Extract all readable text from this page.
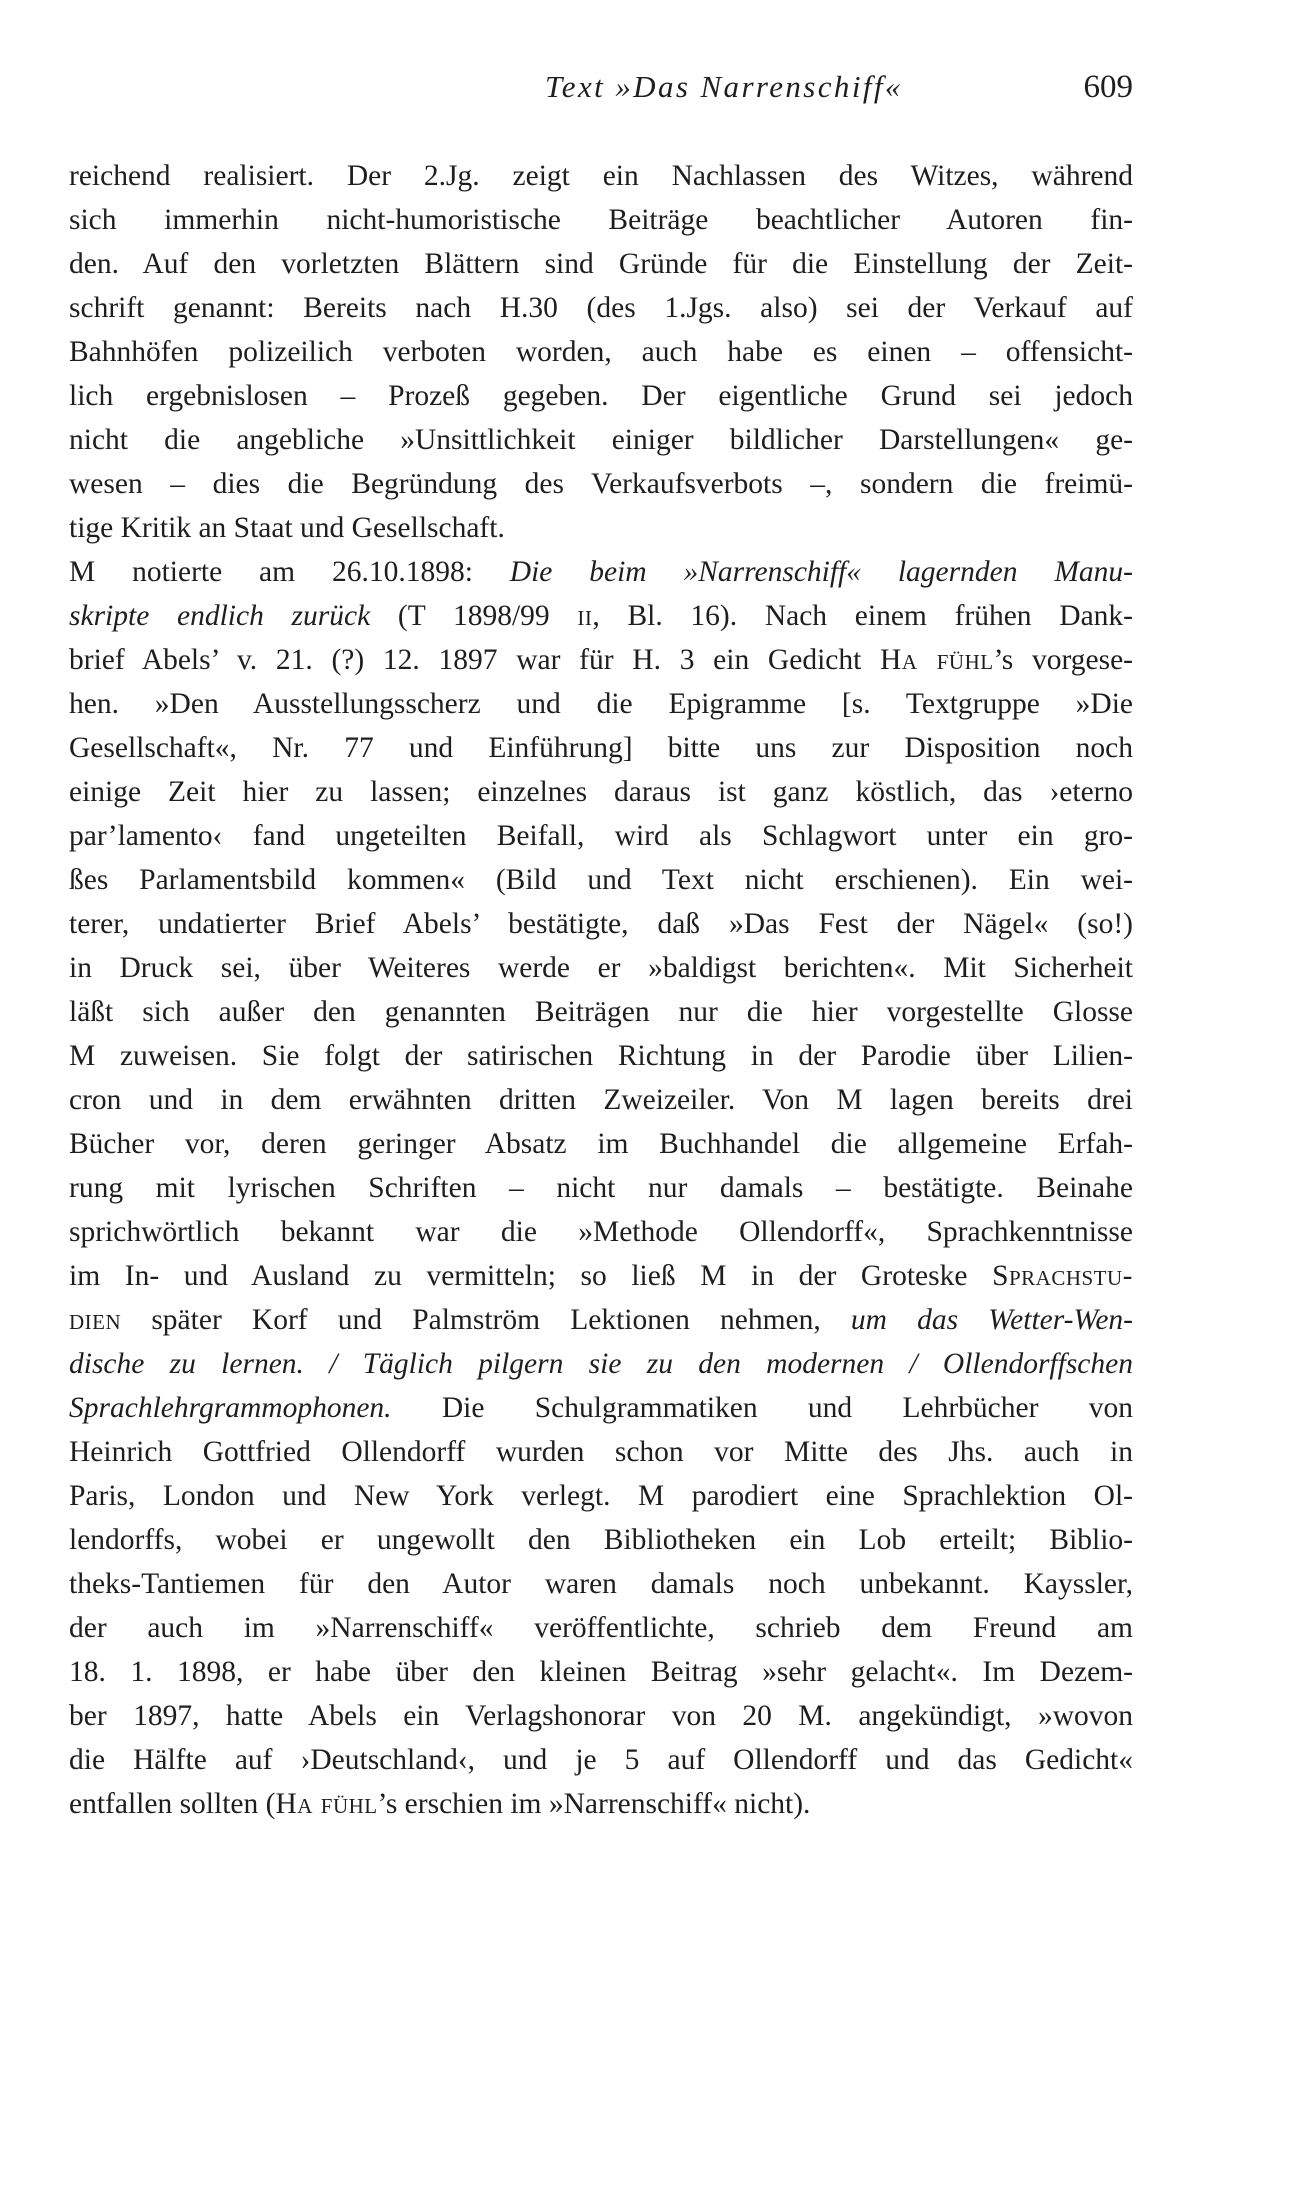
Text »Das Narrenschiff«	609
reichend realisiert. Der 2.Jg. zeigt ein Nachlassen des Witzes, während
sich immerhin nicht-humoristische Beiträge beachtlicher Autoren fin-
den. Auf den vorletzten Blättern sind Gründe für die Einstellung der Zeit-
schrift genannt: Bereits nach H.30 (des 1.Jgs. also) sei der Verkauf auf
Bahnhöfen polizeilich verboten worden, auch habe es einen – offensicht-
lich ergebnislosen – Prozeß gegeben. Der eigentliche Grund sei jedoch
nicht die angebliche »Unsittlichkeit einiger bildlicher Darstellungen« ge-
wesen – dies die Begründung des Verkaufsverbots –, sondern die freimü-
tige Kritik an Staat und Gesellschaft.
M notierte am 26.10.1898: Die beim »Narrenschiff« lagernden Manu-
skripte endlich zurück (T 1898/99 ii, Bl. 16). Nach einem frühen Dank-
brief Abels’ v. 21. (?) 12. 1897 war für H. 3 ein Gedicht Ha fühl’s vorgese-
hen. »Den Ausstellungsscherz und die Epigramme [s. Textgruppe »Die
Gesellschaft«, Nr. 77 und Einführung] bitte uns zur Disposition noch
einige Zeit hier zu lassen; einzelnes daraus ist ganz köstlich, das ›eterno
par’lamento‹ fand ungeteilten Beifall, wird als Schlagwort unter ein gro-
ßes Parlamentsbild kommen« (Bild und Text nicht erschienen). Ein wei-
terer, undatierter Brief Abels’ bestätigte, daß »Das Fest der Nägel« (so!)
in Druck sei, über Weiteres werde er »baldigst berichten«. Mit Sicherheit
läßt sich außer den genannten Beiträgen nur die hier vorgestellte Glosse
M zuweisen. Sie folgt der satirischen Richtung in der Parodie über Lilien-
cron und in dem erwähnten dritten Zweizeiler. Von M lagen bereits drei
Bücher vor, deren geringer Absatz im Buchhandel die allgemeine Erfah-
rung mit lyrischen Schriften – nicht nur damals – bestätigte. Beinahe
sprichwörtlich bekannt war die »Methode Ollendorff«, Sprachkenntnisse
im In- und Ausland zu vermitteln; so ließ M in der Groteske Sprachstu-
dien später Korf und Palmström Lektionen nehmen, um das Wetter-Wen-
dische zu lernen. / Täglich pilgern sie zu den modernen / Ollendorffschen
Sprachlehrgrammophonen. Die Schulgrammatiken und Lehrbücher von
Heinrich Gottfried Ollendorff wurden schon vor Mitte des Jhs. auch in
Paris, London und New York verlegt. M parodiert eine Sprachlektion Ol-
lendorffs, wobei er ungewollt den Bibliotheken ein Lob erteilt; Biblio-
theks-Tantiemen für den Autor waren damals noch unbekannt. Kayssler,
der auch im »Narrenschiff« veröffentlichte, schrieb dem Freund am
18. 1. 1898, er habe über den kleinen Beitrag »sehr gelacht«. Im Dezem-
ber 1897, hatte Abels ein Verlagshonorar von 20 M. angekündigt, »wovon
die Hälfte auf ›Deutschland‹, und je 5 auf Ollendorff und das Gedicht«
entfallen sollten (Ha fühl’s erschien im »Narrenschiff« nicht).
